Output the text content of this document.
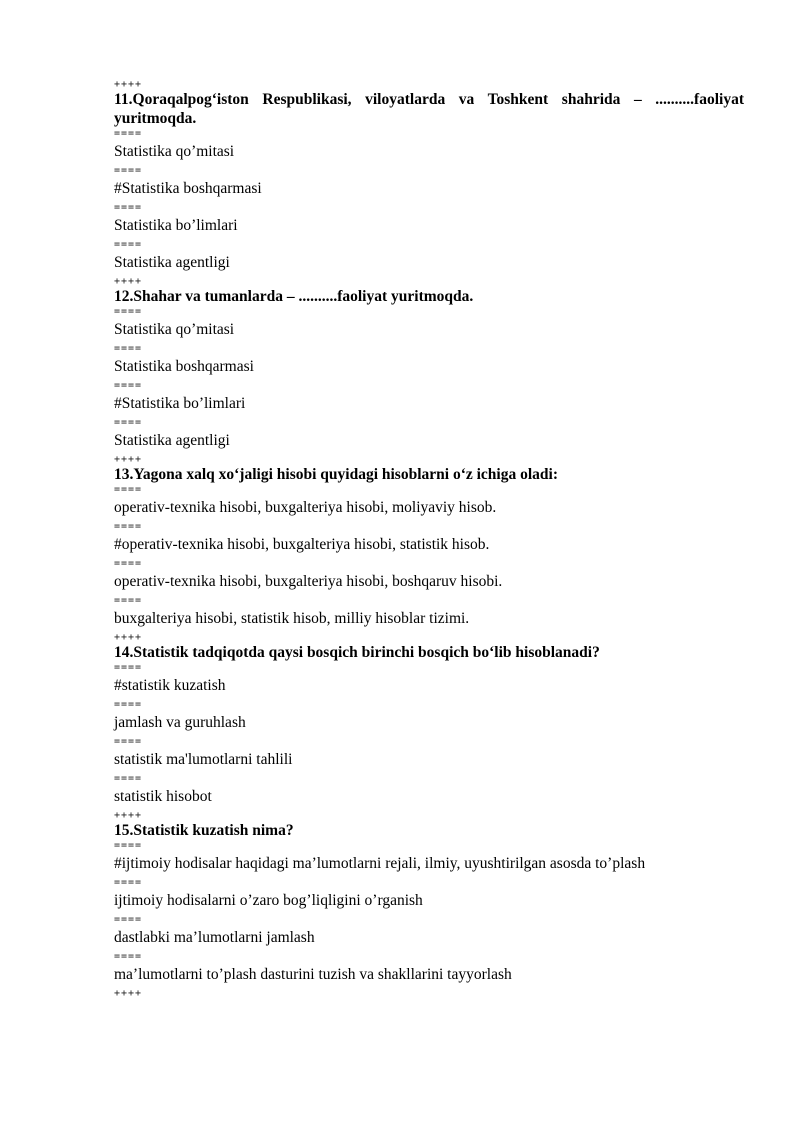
++++
11.Qoraqalpog‘iston Respublikasi, viloyatlarda va Toshkent shahrida – ..........faoliyat yuritmoqda.
====
Statistika qo’mitasi
====
#Statistika boshqarmasi
====
Statistika bo’limlari
====
Statistika agentligi
++++
12.Shahar va tumanlarda – ..........faoliyat yuritmoqda.
====
Statistika qo’mitasi
====
Statistika boshqarmasi
====
#Statistika bo’limlari
====
Statistika agentligi
++++
13.Yagona xalq xo‘jaligi hisobi quyidagi hisoblarni o‘z ichiga oladi:
====
operativ-texnika hisobi, buxgalteriya hisobi, moliyaviy hisob.
====
#operativ-texnika hisobi, buxgalteriya hisobi, statistik hisob.
====
operativ-texnika hisobi, buxgalteriya hisobi, boshqaruv hisobi.
====
buxgalteriya hisobi, statistik hisob, milliy hisoblar tizimi.
++++
14.Statistik tadqiqotda qaysi bosqich birinchi bosqich bo‘lib hisoblanadi?
====
#statistik kuzatish
====
jamlash va guruhlash
====
statistik ma'lumotlarni tahlili
====
statistik hisobot
++++
15.Statistik kuzatish nima?
====
#ijtimoiy hodisalar haqidagi ma’lumotlarni rejali, ilmiy, uyushtirilgan asosda to’plash
====
ijtimoiy hodisalarni o’zaro bog’liqligini o’rganish
====
dastlabki ma’lumotlarni jamlash
====
ma’lumotlarni to’plash dasturini tuzish va shakllarini tayyorlash
++++
